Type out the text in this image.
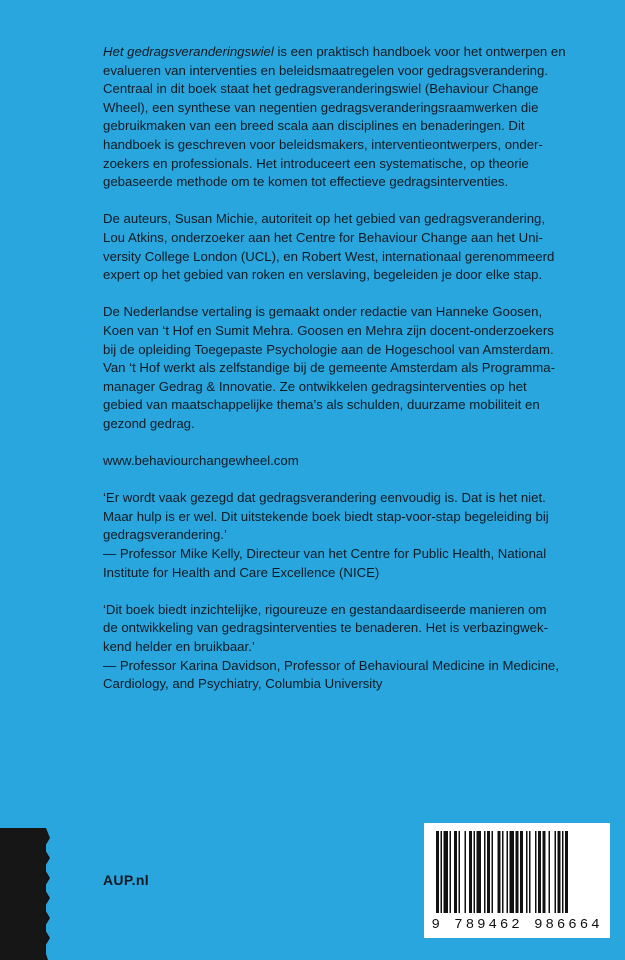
Het gedragsveranderingswiel is een praktisch handboek voor het ontwerpen en
evalueren van interventies en beleidsmaatregelen voor gedragsverandering.
Centraal in dit boek staat het gedragsveranderingswiel (Behaviour Change
Wheel), een synthese van negentien gedragsveranderingsraamwerken die
gebruikmaken van een breed scala aan disciplines en benaderingen. Dit
handboek is geschreven voor beleidsmakers, interventieontwerpers, onder-
zoekers en professionals. Het introduceert een systematische, op theorie
gebaseerde methode om te komen tot effectieve gedragsinterventies.
De auteurs, Susan Michie, autoriteit op het gebied van gedragsverandering,
Lou Atkins, onderzoeker aan het Centre for Behaviour Change aan het Uni-
versity College London (UCL), en Robert West, internationaal gerenommeerd
expert op het gebied van roken en verslaving, begeleiden je door elke stap.
De Nederlandse vertaling is gemaakt onder redactie van Hanneke Goosen,
Koen van ‘t Hof en Sumit Mehra. Goosen en Mehra zijn docent-onderzoekers
bij de opleiding Toegepaste Psychologie aan de Hogeschool van Amsterdam.
Van ‘t Hof werkt als zelfstandige bij de gemeente Amsterdam als Programma-
manager Gedrag & Innovatie. Ze ontwikkelen gedragsinterventies op het
gebied van maatschappelijke thema’s als schulden, duurzame mobiliteit en
gezond gedrag.
www.behaviourchangewheel.com
‘Er wordt vaak gezegd dat gedragsverandering eenvoudig is. Dat is het niet.
Maar hulp is er wel. Dit uitstekende boek biedt stap-voor-stap begeleiding bij
gedragsverandering.’
— Professor Mike Kelly, Directeur van het Centre for Public Health, National
Institute for Health and Care Excellence (NICE)
‘Dit boek biedt inzichtelijke, rigoureuze en gestandaardiseerde manieren om
de ontwikkeling van gedragsinterventies te benaderen. Het is verbazingwek-
kend helder en bruikbaar.’
— Professor Karina Davidson, Professor of Behavioural Medicine in Medicine,
Cardiology, and Psychiatry, Columbia University
AUP.nl
9 789462 986664
